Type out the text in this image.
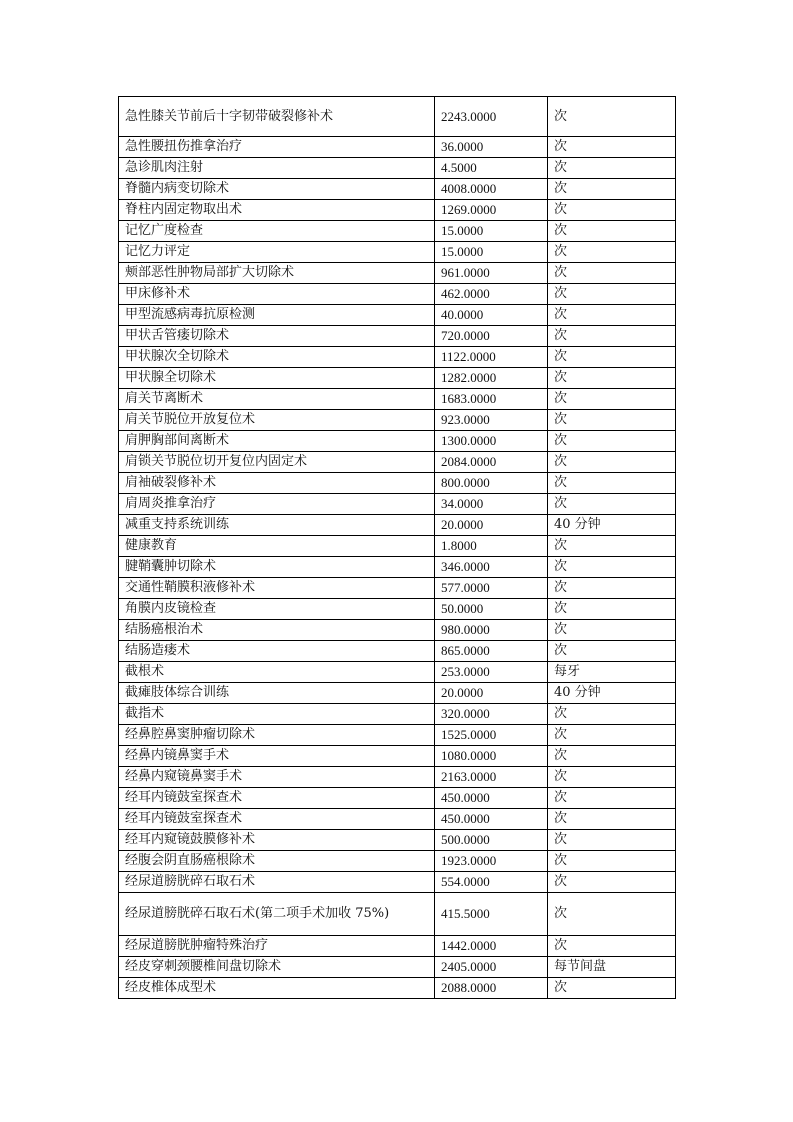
急性膝关节前后十字韧带破裂修补术	2243.0000	次
急性腰扭伤推拿治疗	36.0000	次
急诊肌肉注射	4.5000	次
脊髓内病变切除术	4008.0000	次
脊柱内固定物取出术	1269.0000	次
记忆广度检查	15.0000	次
记忆力评定	15.0000	次
颊部恶性肿物局部扩大切除术	961.0000	次
甲床修补术	462.0000	次
甲型流感病毒抗原检测	40.0000	次
甲状舌管瘘切除术	720.0000	次
甲状腺次全切除术	1122.0000	次
甲状腺全切除术	1282.0000	次
肩关节离断术	1683.0000	次
肩关节脱位开放复位术	923.0000	次
肩胛胸部间离断术	1300.0000	次
肩锁关节脱位切开复位内固定术	2084.0000	次
肩袖破裂修补术	800.0000	次
肩周炎推拿治疗	34.0000	次
减重支持系统训练	20.0000	40 分钟
健康教育	1.8000	次
腱鞘囊肿切除术	346.0000	次
交通性鞘膜积液修补术	577.0000	次
角膜内皮镜检查	50.0000	次
结肠癌根治术	980.0000	次
结肠造瘘术	865.0000	次
截根术	253.0000	每牙
截瘫肢体综合训练	20.0000	40 分钟
截指术	320.0000	次
经鼻腔鼻窦肿瘤切除术	1525.0000	次
经鼻内镜鼻窦手术	1080.0000	次
经鼻内窥镜鼻窦手术	2163.0000	次
经耳内镜鼓室探查术	450.0000	次
经耳内镜鼓室探查术	450.0000	次
经耳内窥镜鼓膜修补术	500.0000	次
经腹会阴直肠癌根除术	1923.0000	次
经尿道膀胱碎石取石术	554.0000	次
经尿道膀胱碎石取石术(第二项手术加收 75%)	415.5000	次
经尿道膀胱肿瘤特殊治疗	1442.0000	次
经皮穿刺颈腰椎间盘切除术	2405.0000	每节间盘
经皮椎体成型术	2088.0000	次
